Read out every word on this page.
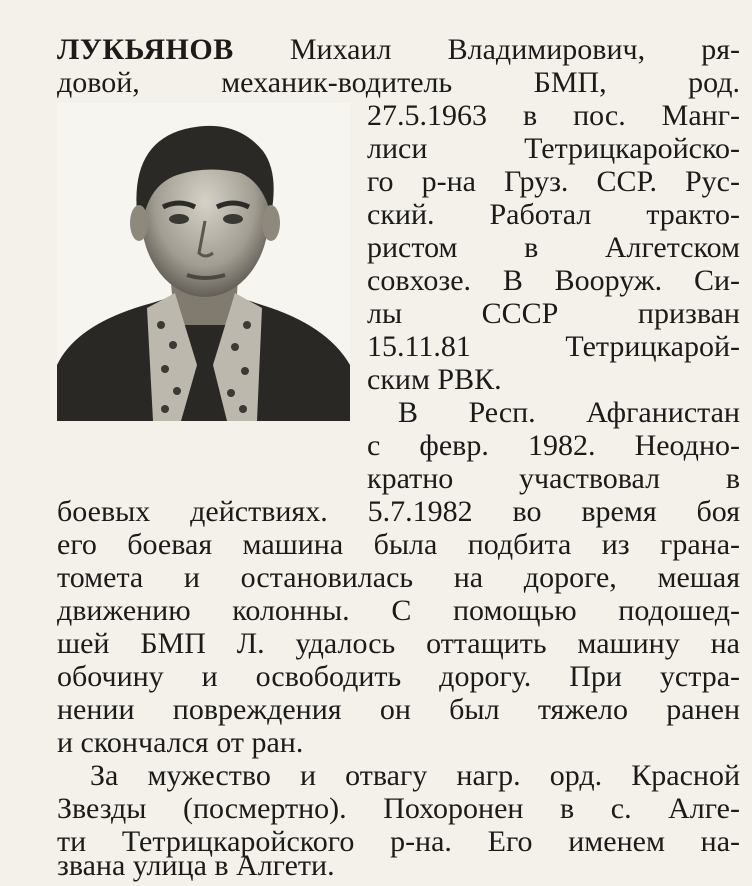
ЛУКЬЯНОВ Михаил Владимирович, ря-
довой, механик-водитель БМП, род.
27.5.1963 в пос. Манг-
лиси Тетрицкаройско-
го р-на Груз. ССР. Рус-
ский. Работал тракто-
ристом в Алгетском
совхозе. В Вооруж. Си-
лы СССР призван
15.11.81 Тетрицкарой-
ским РВК.
В Респ. Афганистан
с февр. 1982. Неодно-
кратно участвовал в
боевых действиях. 5.7.1982 во время боя
его боевая машина была подбита из грана-
томета и остановилась на дороге, мешая
движению колонны. С помощью подошед-
шей БМП Л. удалось оттащить машину на
обочину и освободить дорогу. При устра-
нении повреждения он был тяжело ранен
и скончался от ран.
За мужество и отвагу нагр. орд. Красной
Звезды (посмертно). Похоронен в с. Алге-
ти Тетрицкаройского р-на. Его именем на-
звана улица в Алгети.
